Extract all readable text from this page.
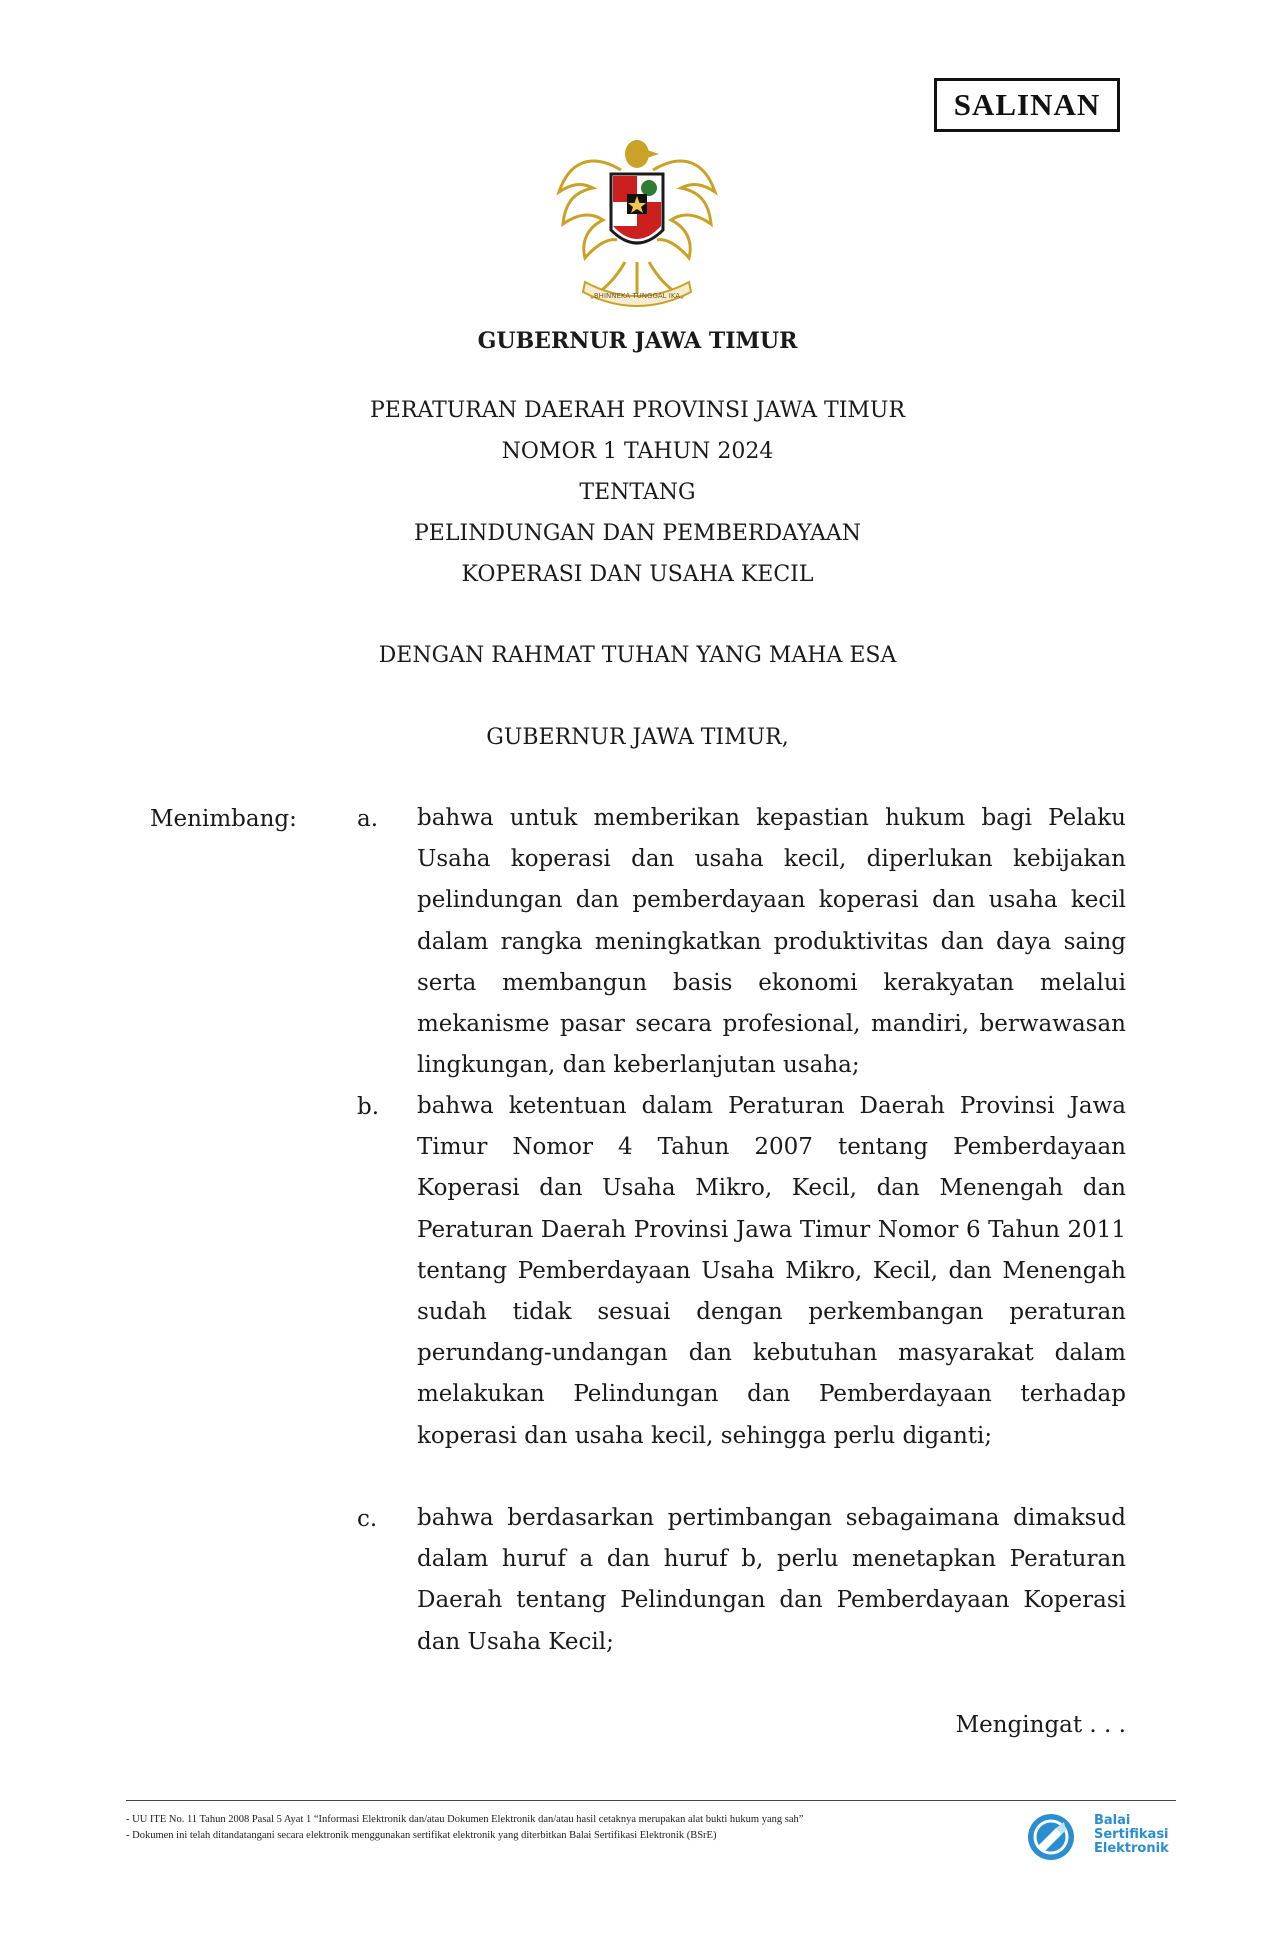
SALINAN
BHINNEKA TUNGGAL IKA
GUBERNUR JAWA TIMUR
PERATURAN DAERAH PROVINSI JAWA TIMUR
NOMOR 1 TAHUN 2024
TENTANG
PELINDUNGAN DAN PEMBERDAYAAN
KOPERASI DAN USAHA KECIL
DENGAN RAHMAT TUHAN YANG MAHA ESA
GUBERNUR JAWA TIMUR,
Menimbang:	a. bahwa untuk memberikan kepastian hukum bagi Pelaku Usaha koperasi dan usaha kecil, diperlukan kebijakan pelindungan dan pemberdayaan koperasi dan usaha kecil dalam rangka meningkatkan produktivitas dan daya saing serta membangun basis ekonomi kerakyatan melalui mekanisme pasar secara profesional, mandiri, berwawasan lingkungan, dan keberlanjutan usaha;
b. bahwa ketentuan dalam Peraturan Daerah Provinsi Jawa Timur Nomor 4 Tahun 2007 tentang Pemberdayaan Koperasi dan Usaha Mikro, Kecil, dan Menengah dan Peraturan Daerah Provinsi Jawa Timur Nomor 6 Tahun 2011 tentang Pemberdayaan Usaha Mikro, Kecil, dan Menengah sudah tidak sesuai dengan perkembangan peraturan perundang-undangan dan kebutuhan masyarakat dalam melakukan Pelindungan dan Pemberdayaan terhadap koperasi dan usaha kecil, sehingga perlu diganti;
c. bahwa berdasarkan pertimbangan sebagaimana dimaksud dalam huruf a dan huruf b, perlu menetapkan Peraturan Daerah tentang Pelindungan dan Pemberdayaan Koperasi dan Usaha Kecil;
Mengingat . . .
- UU ITE No. 11 Tahun 2008 Pasal 5 Ayat 1 “Informasi Elektronik dan/atau Dokumen Elektronik dan/atau hasil cetaknya merupakan alat bukti hukum yang sah”
- Dokumen ini telah ditandatangani secara elektronik menggunakan sertifikat elektronik yang diterbitkan Balai Sertifikasi Elektronik (BSrE)
Balai
Sertifikasi
Elektronik
